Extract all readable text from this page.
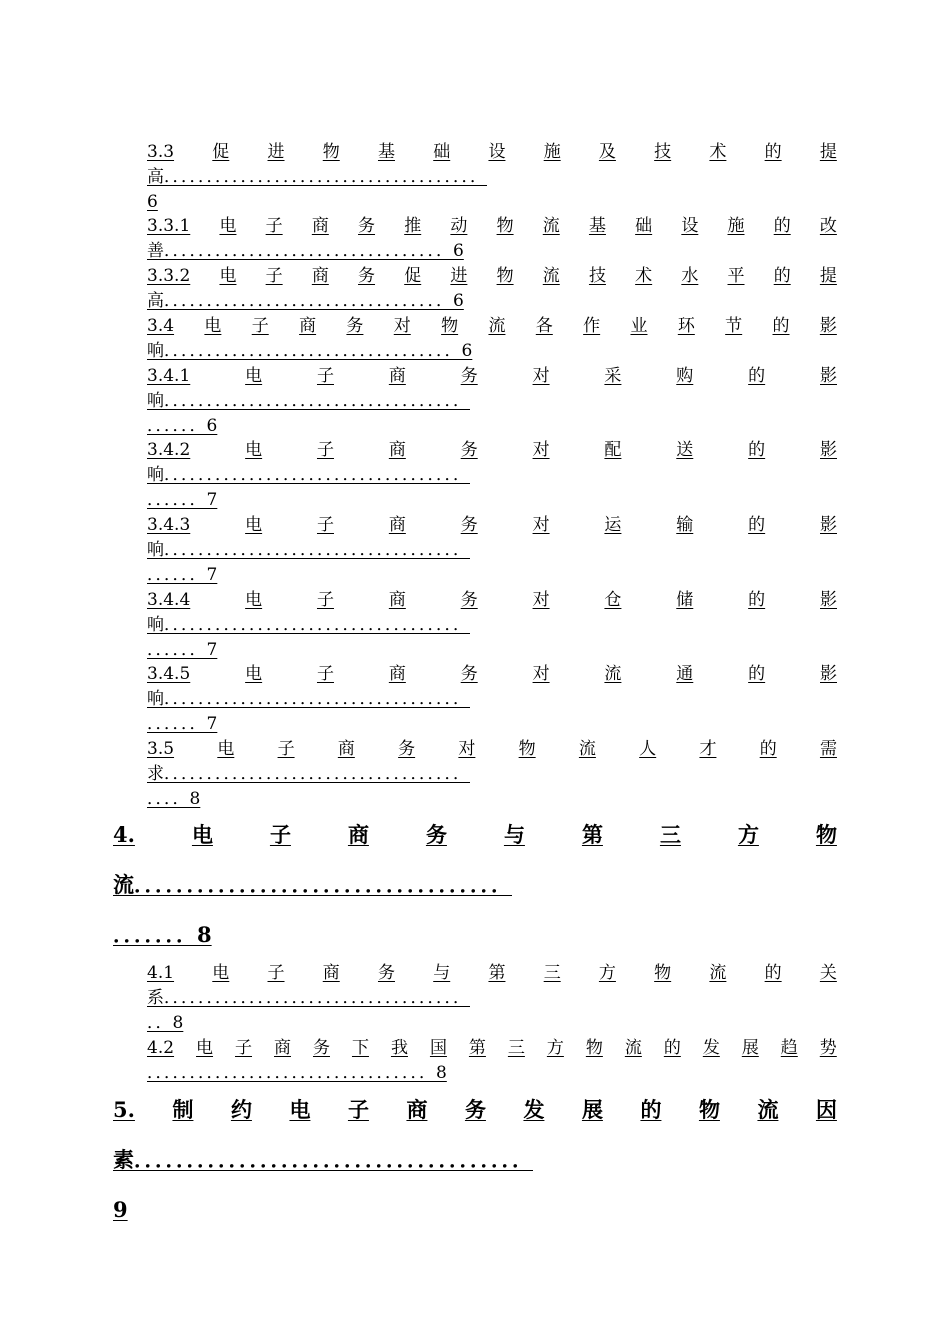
3.3 促 进 物 基 础 设 施 及 技 术 的 提
高．．．．．．．．．．．．．．．．．．．．．．．．．．．．．．．．．．．．．
6
3.3.1 电 子 商 务 推 动 物 流 基 础 设 施 的 改
善．．．．．．．．．．．．．．．．．．．．．．．．．．．．．．．．．6
3.3.2 电 子 商 务 促 进 物 流 技 术 水 平 的 提
高．．．．．．．．．．．．．．．．．．．．．．．．．．．．．．．．．6
3.4 电 子 商 务 对 物 流 各 作 业 环 节 的 影
响．．．．．．．．．．．．．．．．．．．．．．．．．．．．．．．．．．6
3.4.1	电	子	商	务	对	采	购	的	影
响．．．．．．．．．．．．．．．．．．．．．．．．．．．．．．．．．．．
．．．．．．6
3.4.2	电	子	商	务	对	配	送	的	影
响．．．．．．．．．．．．．．．．．．．．．．．．．．．．．．．．．．．
．．．．．．7
3.4.3	电	子	商	务	对	运	输	的	影
响．．．．．．．．．．．．．．．．．．．．．．．．．．．．．．．．．．．
．．．．．．7
3.4.4	电	子	商	务	对	仓	储	的	影
响．．．．．．．．．．．．．．．．．．．．．．．．．．．．．．．．．．．
．．．．．．7
3.4.5	电	子	商	务	对	流	通	的	影
响．．．．．．．．．．．．．．．．．．．．．．．．．．．．．．．．．．．
．．．．．．7
3.5	电	子	商	务	对	物	流	人	才	的	需
求．．．．．．．．．．．．．．．．．．．．．．．．．．．．．．．．．．．
．．．．8
4.	电	子	商	务	与	第	三	方	物
流．．．．．．．．．．．．．．．．．．．．．．．．．．．．．．．．．．．
．．．．．．．8
4.1 电 子 商 务 与 第 三 方 物 流 的 关
系．．．．．．．．．．．．．．．．．．．．．．．．．．．．．．．．．．．
．．8
4.2 电 子 商 务 下 我 国 第 三 方 物 流 的 发 展 趋 势
．．．．．．．．．．．．．．．．．．．．．．．．．．．．．．．．．8
5. 制 约 电 子 商 务 发 展 的 物 流 因
素．．．．．．．．．．．．．．．．．．．．．．．．．．．．．．．．．．．．．
9
